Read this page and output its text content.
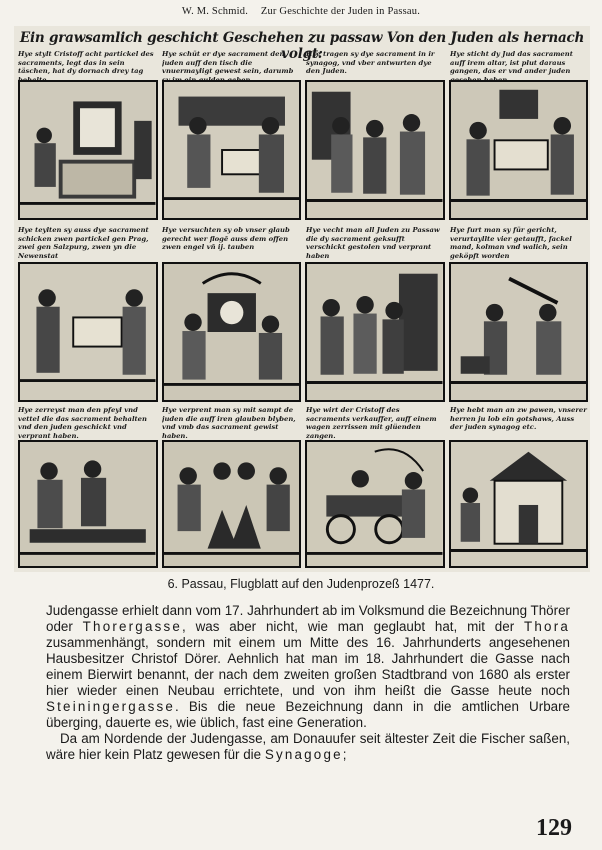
W. M. Schmid. Zur Geschichte der Juden in Passau.
Ein grawsamlich geschicht Geschehen zu passaw Von den Juden als hernach volgt:
Hye stylt Cristoff acht partickel des sacraments, legt das in sein täschen, hat dy dornach drey tag
Hye schüt er dye sacrament den juden auff den tisch die vnuermayligt gewest sein, darumb
Hye tragen sy dye sacrament in ir synagog, vnd vber antwurten dye den Juden.
Hye sticht dy Jud das sacrament auff irem altar, ist plut daraus gangen, das er vnd ander juden
Hye teylten sy auss dye sacrament schicken zwen partickel gen Prag, zwei gen Salzpurg, zwen yn die Newenstat
Hye versuchten sy ob vnser glaub gerecht wer flogē auss dem offen zwen engel vñ ij. tauben
Hye vecht man all Juden zu Passaw die dy sacrament geksufft verschickt gestolen vnd verprant haben
Hye furt man sy für gericht, verurtayllte vier getaufft, fackel mand, kolman vnd walich, sein geköpft worden
Hye zerreyst man den pfeyl vnd vettel die das sacrament behalten vnd den juden geschickt vnd verprant haben.
Hye verprent man sy mit sampt de juden die auff iren glauben blyben, vnd vmb das sacrament gewist haben.
Hye wirt der Cristoff des sacraments verkauffer, auff einem wagen zerrissen mit glüenden zangen.
Hye hebt man an zw pawen, vnserer herren ju lob ein gotshaws, Auss der juden synagog etc.
6. Passau, Flugblatt auf den Judenprozeß 1477.

Judengasse erhielt dann vom 17. Jahrhundert ab im Volksmund die Bezeichnung Thörer oder Thorergasse, was aber nicht, wie man geglaubt hat, mit der Thora zusammenhängt, sondern mit einem um Mitte des 16. Jahrhunderts angesehenen Hausbesitzer Christof Dörer. Aehnlich hat man im 18. Jahrhundert die Gasse nach einem Bierwirt benannt, der nach dem zweiten großen Stadtbrand von 1680 als erster hier wieder einen Neubau errichtete, und von ihm heißt die Gasse heute noch Steiningergasse. Bis die neue Bezeichnung dann in die amtlichen Urbare überging, dauerte es, wie üblich, fast eine Generation.

Da am Nordende der Judengasse, am Donauufer seit ältester Zeit die Fischer saßen, wäre hier kein Platz gewesen für die Synagoge;

129
